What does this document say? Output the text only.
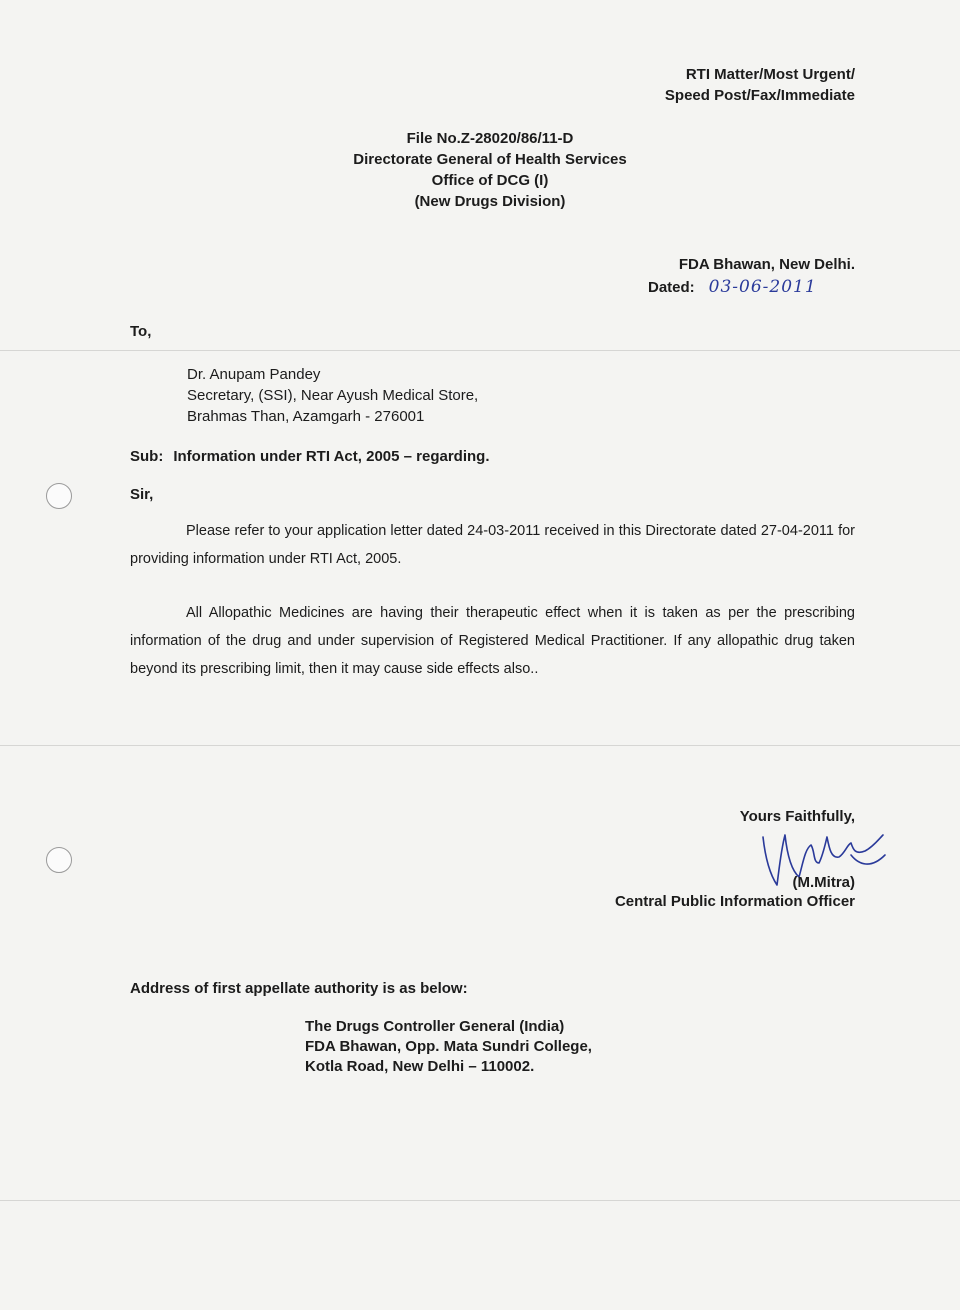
RTI Matter/Most Urgent/
Speed Post/Fax/Immediate
File No.Z-28020/86/11-D
Directorate General of Health Services
Office of DCG (I)
(New Drugs Division)
FDA Bhawan, New Delhi.
Dated: 03-06-2011
To,
Dr. Anupam Pandey
Secretary, (SSI), Near Ayush Medical Store,
Brahmas Than, Azamgarh - 276001
Sub: Information under RTI Act, 2005 – regarding.
Sir,
Please refer to your application letter dated 24-03-2011 received in this Directorate dated 27-04-2011 for providing information under RTI Act, 2005.
All Allopathic Medicines are having their therapeutic effect when it is taken as per the prescribing information of the drug and under supervision of Registered Medical Practitioner. If any allopathic drug taken beyond its prescribing limit, then it may cause side effects also..
Yours Faithfully,
(M.Mitra)
Central Public Information Officer
Address of first appellate authority is as below:
The Drugs Controller General (India)
FDA Bhawan, Opp. Mata Sundri College,
Kotla Road, New Delhi – 110002.
